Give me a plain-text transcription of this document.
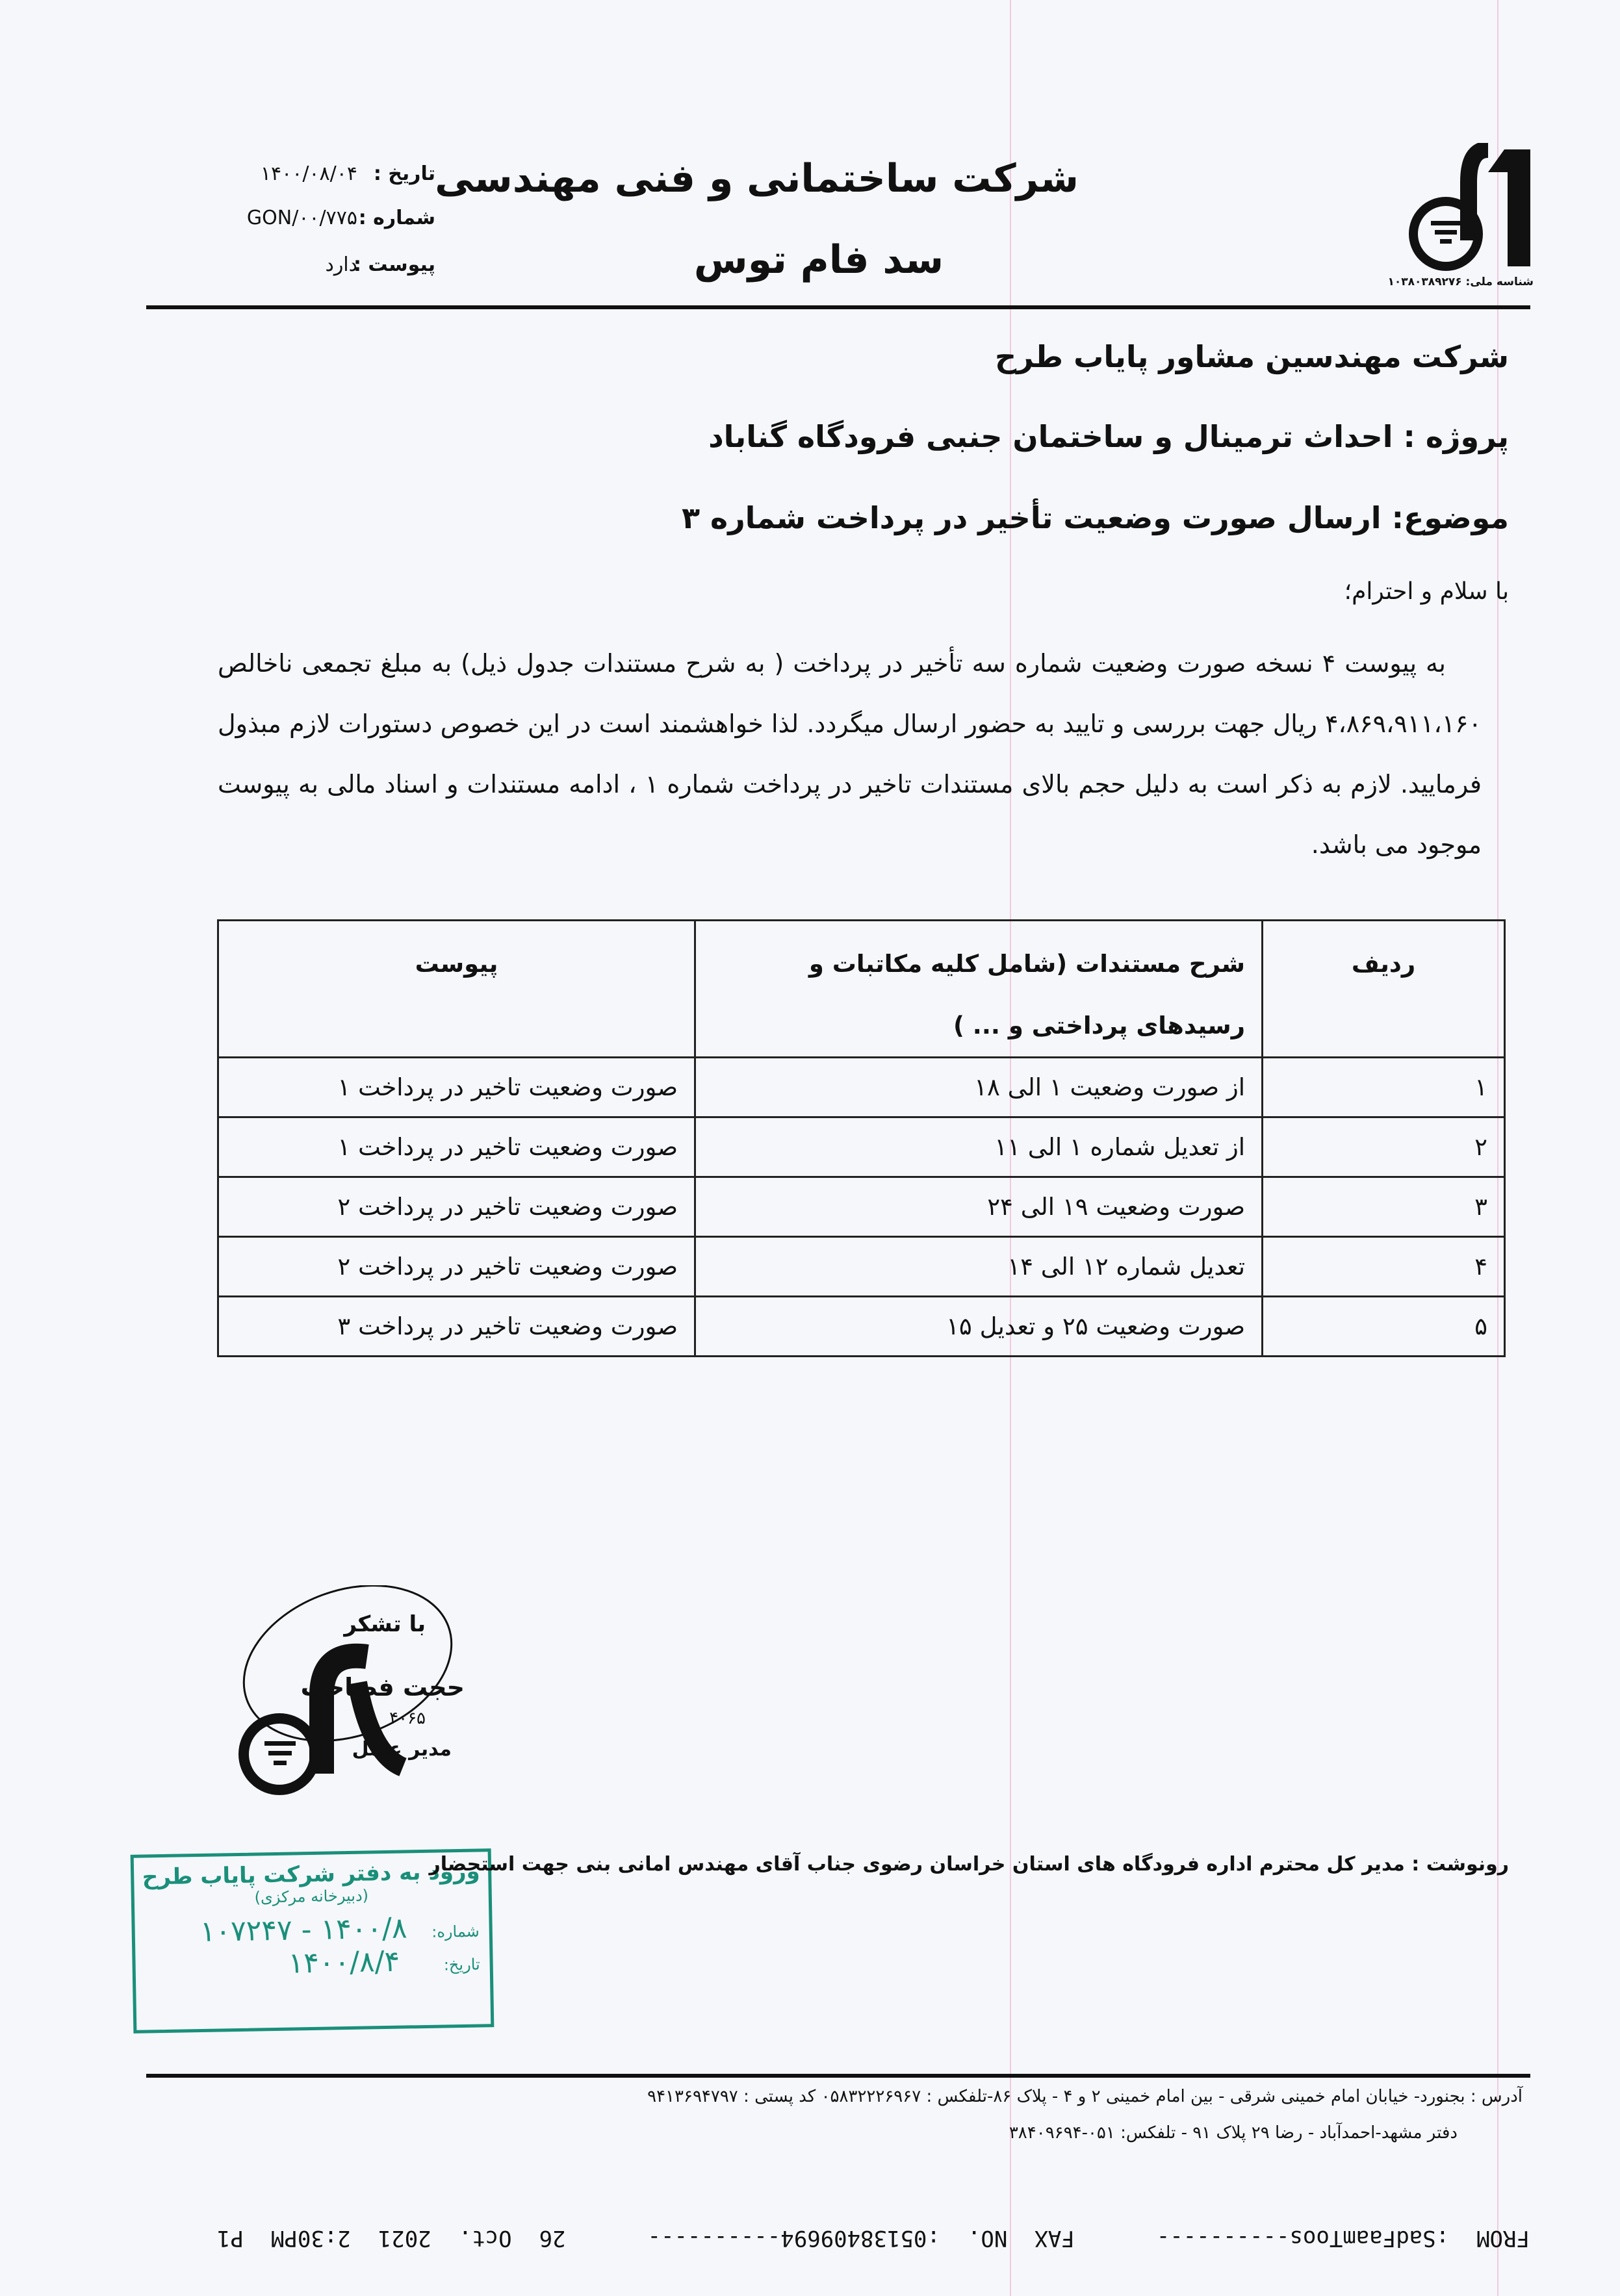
شناسه ملی: ۱۰۳۸۰۳۸۹۲۷۶
شرکت ساختمانی و فنی مهندسی
سد فام توس
تاریخ :
۱۴۰۰/۰۸/۰۴
شماره :
GON/۰۰/۷۷۵
پیوست :
دارد
شرکت مهندسین مشاور پایاب طرح
پروژه : احداث ترمینال و ساختمان جنبی فرودگاه گناباد
موضوع: ارسال صورت وضعیت تأخیر در پرداخت شماره ۳
با سلام و احترام؛
به پیوست ۴ نسخه صورت وضعیت شماره سه تأخیر در پرداخت ( به شرح مستندات جدول ذیل) به مبلغ تجمعی ناخالص ۴،۸۶۹،۹۱۱،۱۶۰ ریال جهت بررسی و تایید به حضور ارسال میگردد. لذا خواهشمند است در این خصوص دستورات لازم مبذول فرمایید. لازم به ذکر است به دلیل حجم بالای مستندات تاخیر در پرداخت شماره ۱ ، ادامه مستندات و اسناد مالی به پیوست موجود می باشد.
ردیف	شرح مستندات (شامل کلیه مکاتبات و رسیدهای پرداختی و ... )	پیوست
۱	از صورت وضعیت ۱ الی ۱۸	صورت وضعیت تاخیر در پرداخت ۱
۲	از تعدیل شماره ۱ الی ۱۱	صورت وضعیت تاخیر در پرداخت ۱
۳	صورت وضعیت ۱۹ الی ۲۴	صورت وضعیت تاخیر در پرداخت ۲
۴	تعدیل شماره ۱۲ الی ۱۴	صورت وضعیت تاخیر در پرداخت ۲
۵	صورت وضعیت ۲۵ و تعدیل ۱۵	صورت وضعیت تاخیر در پرداخت ۳
با تشکر
حجت فصاحت
۴۰۶۵
مدیر عامل
ورود به دفتر شرکت پایاب طرح
(دبیرخانه مرکزی)
شماره: ۱۴۰۰/۸ - ۱۰۷۲۴۷
تاریخ: ۱۴۰۰/۸/۴
رونوشت : مدیر کل محترم اداره فرودگاه های استان خراسان رضوی جناب آقای مهندس امانی بنی جهت استحضار
آدرس : بجنورد- خیابان امام خمینی شرقی - بین امام خمینی ۲ و ۴ - پلاک ۸۶-تلفکس : ۰۵۸۳۲۲۲۶۹۶۷ کد پستی : ۹۴۱۳۶۹۴۷۹۷
دفتر مشهد-احمدآباد - رضا ۲۹ پلاک ۹۱ - تلفکس: ۰۵۱-۳۸۴۰۹۶۹۴
FROM :SadFaamToos----------   FAX NO. :05138409694----------   26 Oct. 2021 2:30PM P1
